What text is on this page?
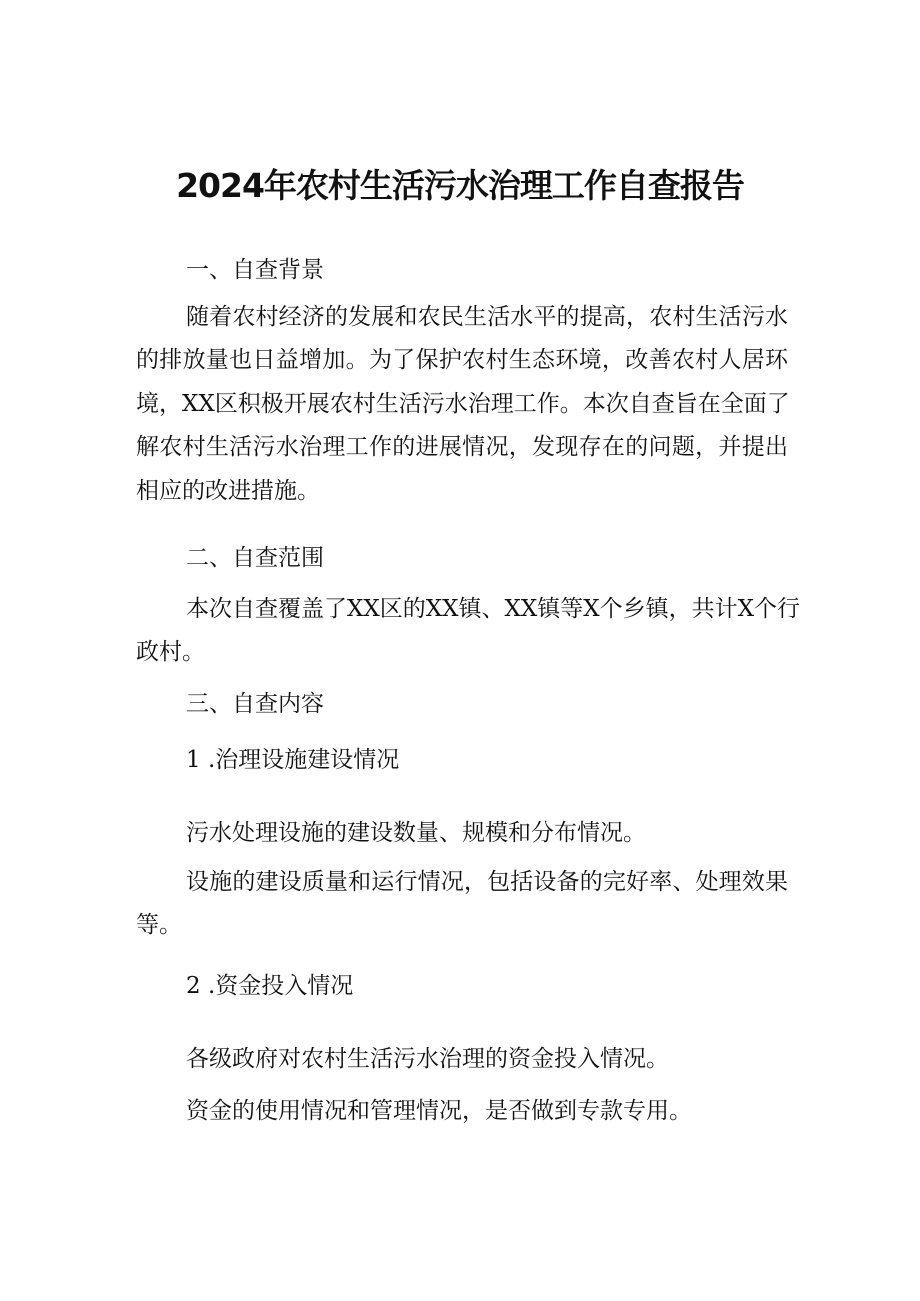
2024年农村生活污水治理工作自查报告

一、自查背景

随着农村经济的发展和农民生活水平的提高，农村生活污水
的排放量也日益增加。为了保护农村生态环境，改善农村人居环
境，XX区积极开展农村生活污水治理工作。本次自查旨在全面了
解农村生活污水治理工作的进展情况，发现存在的问题，并提出
相应的改进措施。

二、自查范围

本次自查覆盖了XX区的XX镇、XX镇等X个乡镇，共计X个行
政村。

三、自查内容

1 .治理设施建设情况

污水处理设施的建设数量、规模和分布情况。

设施的建设质量和运行情况，包括设备的完好率、处理效果
等。

2 .资金投入情况

各级政府对农村生活污水治理的资金投入情况。

资金的使用情况和管理情况，是否做到专款专用。
